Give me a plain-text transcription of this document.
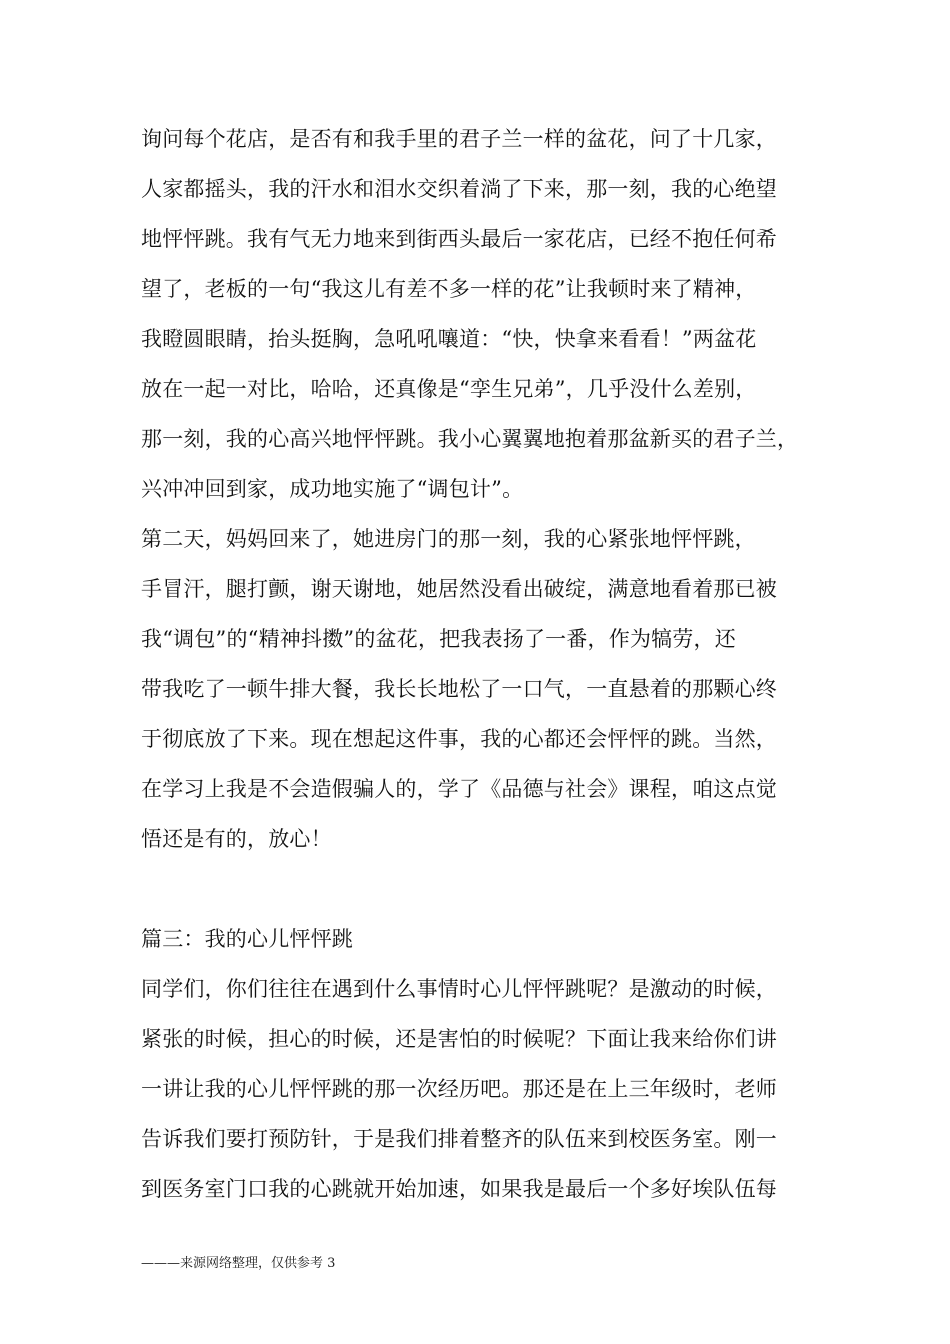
询问每个花店，是否有和我手里的君子兰一样的盆花，问了十几家，
人家都摇头，我的汗水和泪水交织着淌了下来，那一刻，我的心绝望
地怦怦跳。我有气无力地来到街西头最后一家花店，已经不抱任何希
望了，老板的一句“我这儿有差不多一样的花”让我顿时来了精神，
我瞪圆眼睛，抬头挺胸，急吼吼嚷道：“快，快拿来看看！”两盆花
放在一起一对比，哈哈，还真像是“孪生兄弟”，几乎没什么差别，
那一刻，我的心高兴地怦怦跳。我小心翼翼地抱着那盆新买的君子兰，
兴冲冲回到家，成功地实施了“调包计”。
第二天，妈妈回来了，她进房门的那一刻，我的心紧张地怦怦跳，
手冒汗，腿打颤，谢天谢地，她居然没看出破绽，满意地看着那已被
我“调包”的“精神抖擞”的盆花，把我表扬了一番，作为犒劳，还
带我吃了一顿牛排大餐，我长长地松了一口气，一直悬着的那颗心终
于彻底放了下来。现在想起这件事，我的心都还会怦怦的跳。当然，
在学习上我是不会造假骗人的，学了《品德与社会》课程，咱这点觉
悟还是有的，放心！
篇三：我的心儿怦怦跳
同学们，你们往往在遇到什么事情时心儿怦怦跳呢？是激动的时候，
紧张的时候，担心的时候，还是害怕的时候呢？下面让我来给你们讲
一讲让我的心儿怦怦跳的那一次经历吧。那还是在上三年级时，老师
告诉我们要打预防针，于是我们排着整齐的队伍来到校医务室。刚一
到医务室门口我的心跳就开始加速，如果我是最后一个多好埃队伍每
———来源网络整理，仅供参考 3
